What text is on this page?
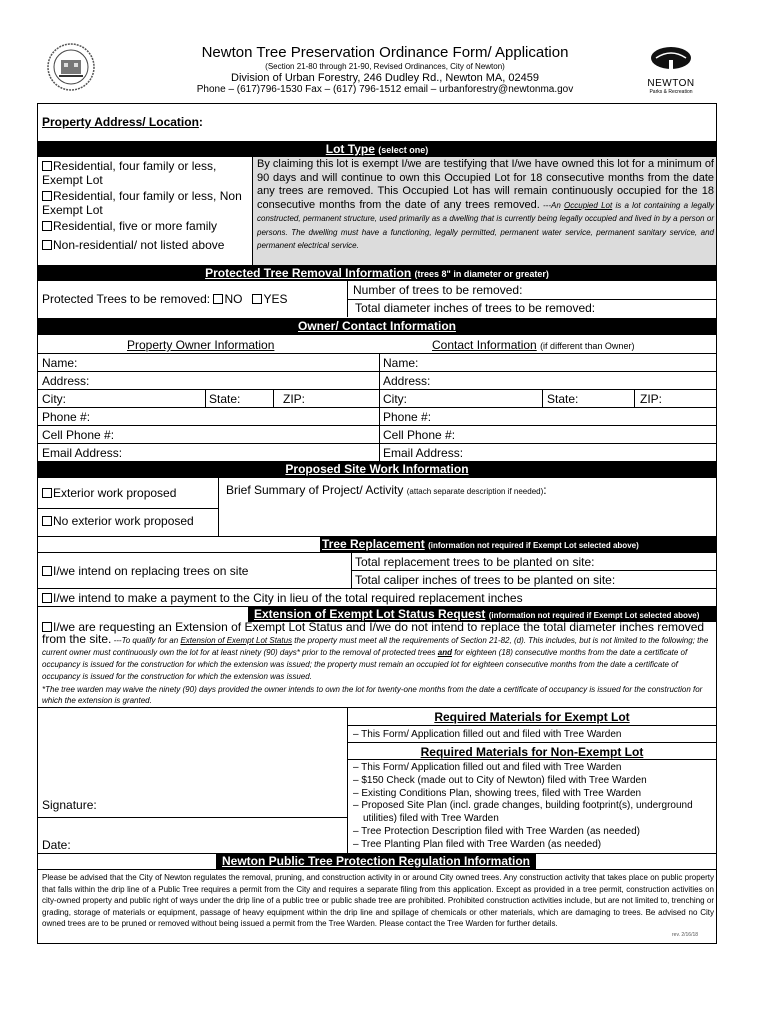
Newton Tree Preservation Ordinance Form/ Application
(Section 21-80 through 21-90, Revised Ordinances, City of Newton)
Division of Urban Forestry, 246 Dudley Rd., Newton MA, 02459
Phone – (617)796-1530 Fax – (617) 796-1512 email – urbanforestry@newtonma.gov
NEWTON
Parks & Recreation
Property Address/ Location:
Lot Type (select one)
Residential, four family or less, Exempt Lot
Residential, four family or less, Non Exempt Lot
Residential, five or more family
Non-residential/ not listed above
By claiming this lot is exempt I/we are testifying that I/we have owned this lot for a minimum of 90 days and will continue to own this Occupied Lot for 18 consecutive months from the date any trees are removed. This Occupied Lot has will remain continuously occupied for the 18 consecutive months from the date of any trees removed. ---An Occupied Lot is a lot containing a legally constructed, permanent structure, used primarily as a dwelling that is currently being legally occupied and lived in by a person or persons. The dwelling must have a functioning, legally permitted, permanent water service, permanent sanitary service, and permanent electrical service.
Protected Tree Removal Information (trees 8" in diameter or greater)
Protected Trees to be removed: NO YES
Number of trees to be removed:
Total diameter inches of trees to be removed:
Owner/ Contact Information
Property Owner Information	Contact Information (if different than Owner)
Name:
Address:
City:	State:	ZIP:
Phone #:
Cell Phone #:
Email Address:
Name:
Address:
City:	State:	ZIP:
Phone #:
Cell Phone #:
Email Address:
Proposed Site Work Information
Exterior work proposed
No exterior work proposed
Brief Summary of Project/ Activity (attach separate description if needed):
Tree Replacement (information not required if Exempt Lot selected above)
I/we intend on replacing trees on site
Total replacement trees to be planted on site:
Total caliper inches of trees to be planted on site:
I/we intend to make a payment to the City in lieu of the total required replacement inches
Extension of Exempt Lot Status Request (information not required if Exempt Lot selected above)
I/we are requesting an Extension of Exempt Lot Status and I/we do not intend to replace the total diameter inches removed from the site. ---To qualify for an Extension of Exempt Lot Status the property must meet all the requirements of Section 21-82, (d). This includes, but is not limited to the following; the current owner must continuously own the lot for at least ninety (90) days* prior to the removal of protected trees and for eighteen (18) consecutive months from the date a certificate of occupancy is issued for the construction for which the extension was issued; the property must remain an occupied lot for eighteen consecutive months from the date a certificate of occupancy is issued for the construction for which the extension was issued.
*The tree warden may waive the ninety (90) days provided the owner intends to own the lot for twenty-one months from the date a certificate of occupancy is issued for the construction for which the extension is granted.
Required Materials for Exempt Lot
– This Form/ Application filled out and filed with Tree Warden
Required Materials for Non-Exempt Lot
– This Form/ Application filled out and filed with Tree Warden
– $150 Check (made out to City of Newton) filed with Tree Warden
– Existing Conditions Plan, showing trees, filed with Tree Warden
– Proposed Site Plan (incl. grade changes, building footprint(s), underground
utilities) filed with Tree Warden
– Tree Protection Description filed with Tree Warden (as needed)
– Tree Planting Plan filed with Tree Warden (as needed)
Signature:
Date:
Newton Public Tree Protection Regulation Information
Please be advised that the City of Newton regulates the removal, pruning, and construction activity in or around City owned trees. Any construction activity that takes place on public property that falls within the drip line of a Public Tree requires a permit from the City and requires a separate filing from this application. Except as provided in a tree permit, construction activities on city-owned property and public right of ways under the drip line of a public tree or public shade tree are prohibited. Prohibited construction activities include, but are not limited to, trenching or grading, storage of materials or equipment, passage of heavy equipment within the drip line and spillage of chemicals or other materials, which are damaging to trees. Be advised no City owned trees are to be pruned or removed without being issued a permit from the Tree Warden. Please contact the Tree Warden for further details.
rev. 2/16/18
